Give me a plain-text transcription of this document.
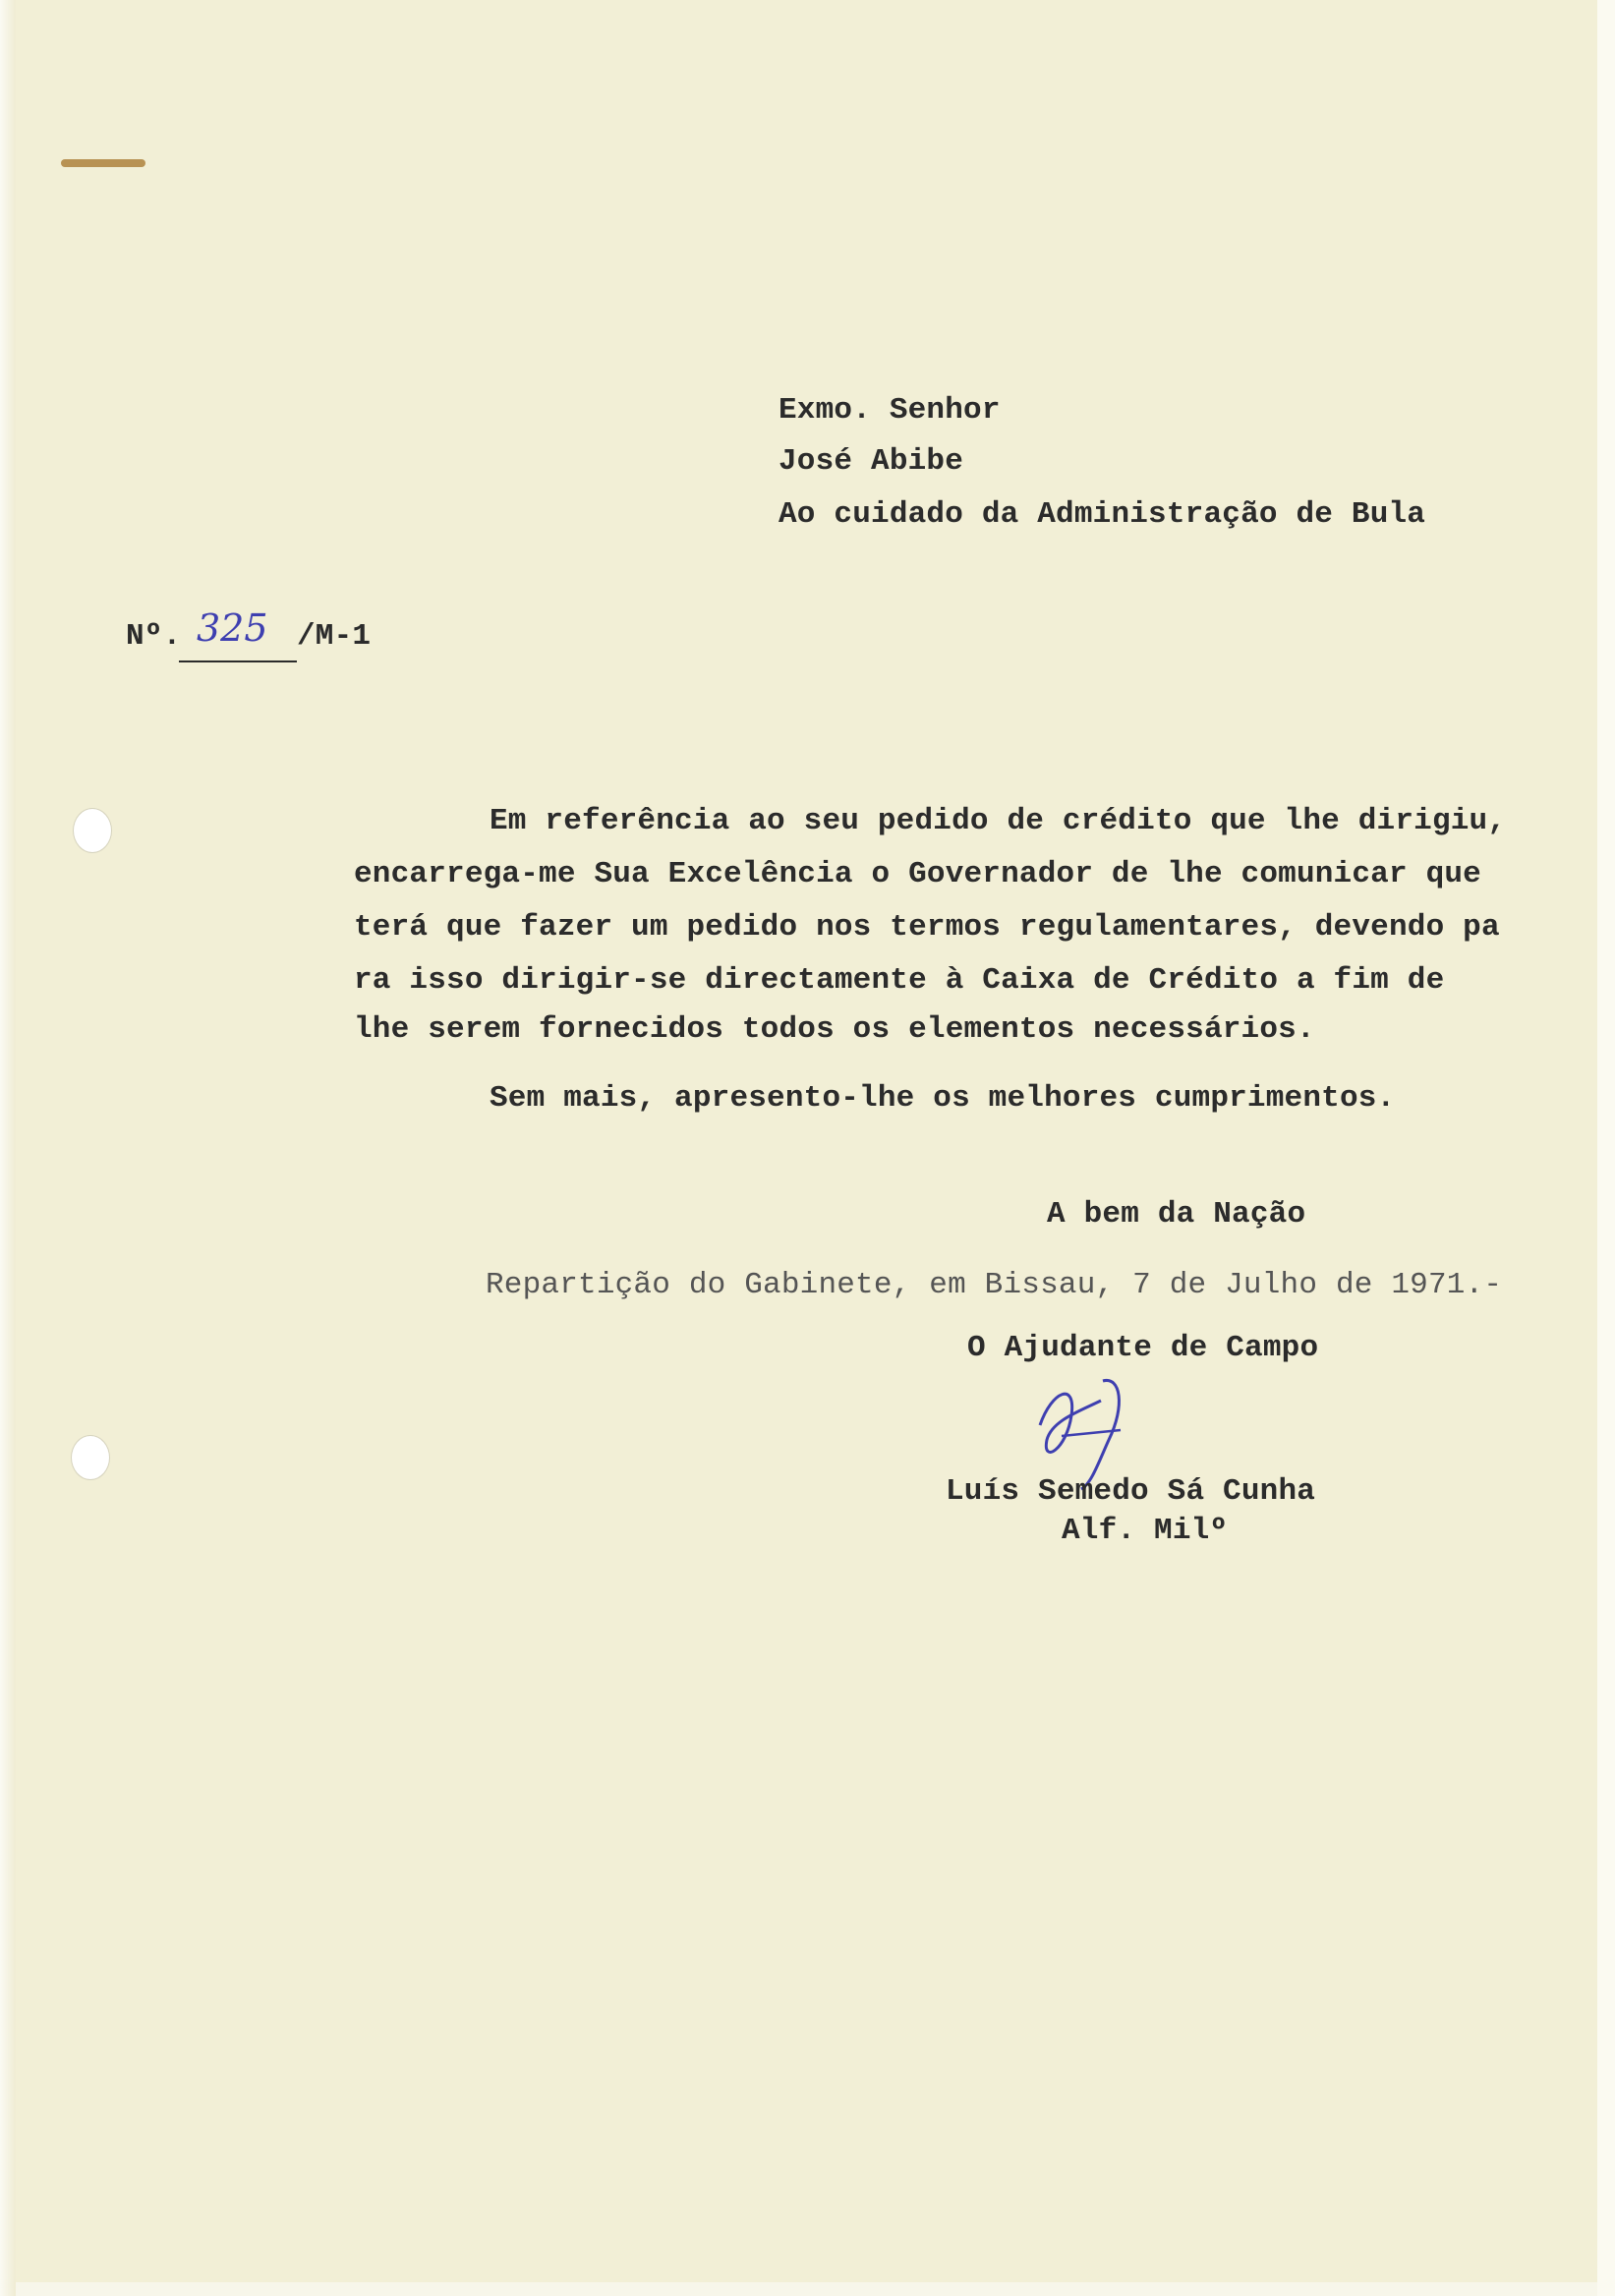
Exmo. Senhor
José Abibe
Ao cuidado da Administração de Bula
Nº. 325 /M-1
Em referência ao seu pedido de crédito que lhe dirigiu,
encarrega-me Sua Excelência o Governador de lhe comunicar que
terá que fazer um pedido nos termos regulamentares, devendo pa
ra isso dirigir-se directamente à Caixa de Crédito a fim de
lhe serem fornecidos todos os elementos necessários.
Sem mais, apresento-lhe os melhores cumprimentos.
A bem da Nação
Repartição do Gabinete, em Bissau, 7 de Julho de 1971.-
O Ajudante de Campo
Luís Semedo Sá Cunha
Alf. Milº
